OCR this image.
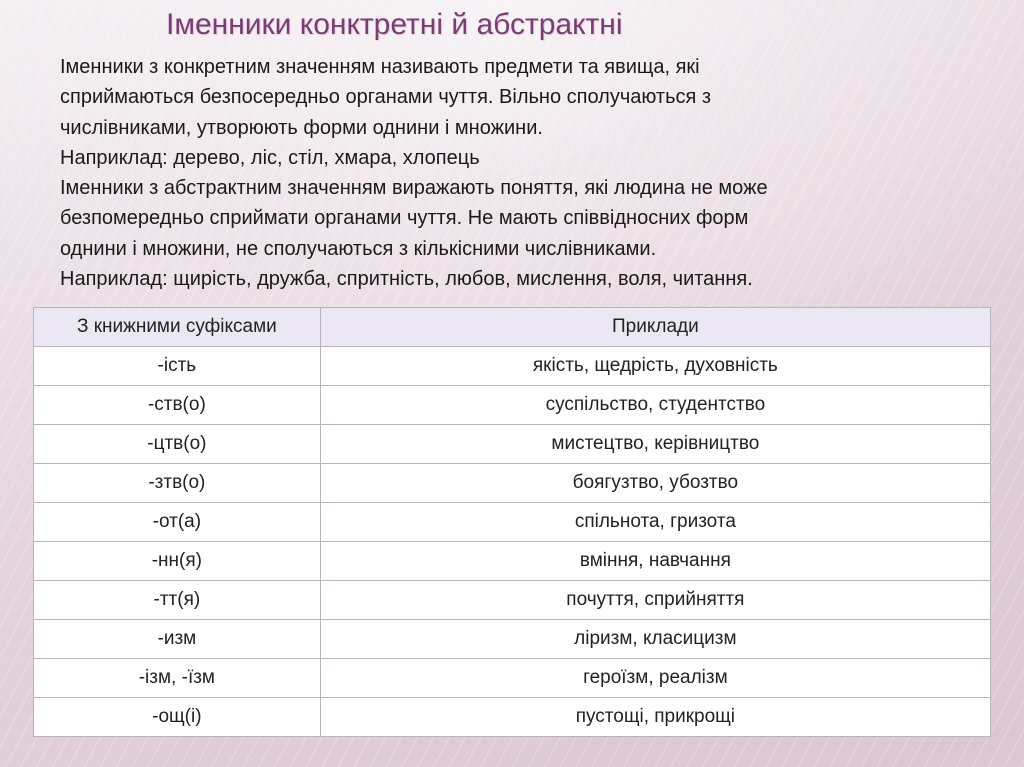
Іменники конктретні й абстрактні
Іменники з конкретним значенням називають предмети та явища, які
сприймаються безпосередньо органами чуття. Вільно сполучаються з
числівниками, утворюють форми однини і множини.
Наприклад: дерево, ліс, стіл, хмара, хлопець
Іменники з абстрактним значенням виражають поняття, які людина не може
безпомередньо сприймати органами чуття. Не мають співвідносних форм
однини і множини, не сполучаються з кількісними числівниками.
Наприклад: щирість, дружба, спритність, любов, мислення, воля, читання.
З книжними суфіксами	Приклади
-ість	якість, щедрість, духовність
-ств(о)	суспільство, студентство
-цтв(о)	мистецтво, керівництво
-зтв(о)	боягузтво, убозтво
-от(а)	спільнота, гризота
-нн(я)	вміння, навчання
-тт(я)	почуття, сприйняття
-изм	ліризм, класицизм
-ізм, -їзм	героїзм, реалізм
-ощ(і)	пустощі, прикрощі
